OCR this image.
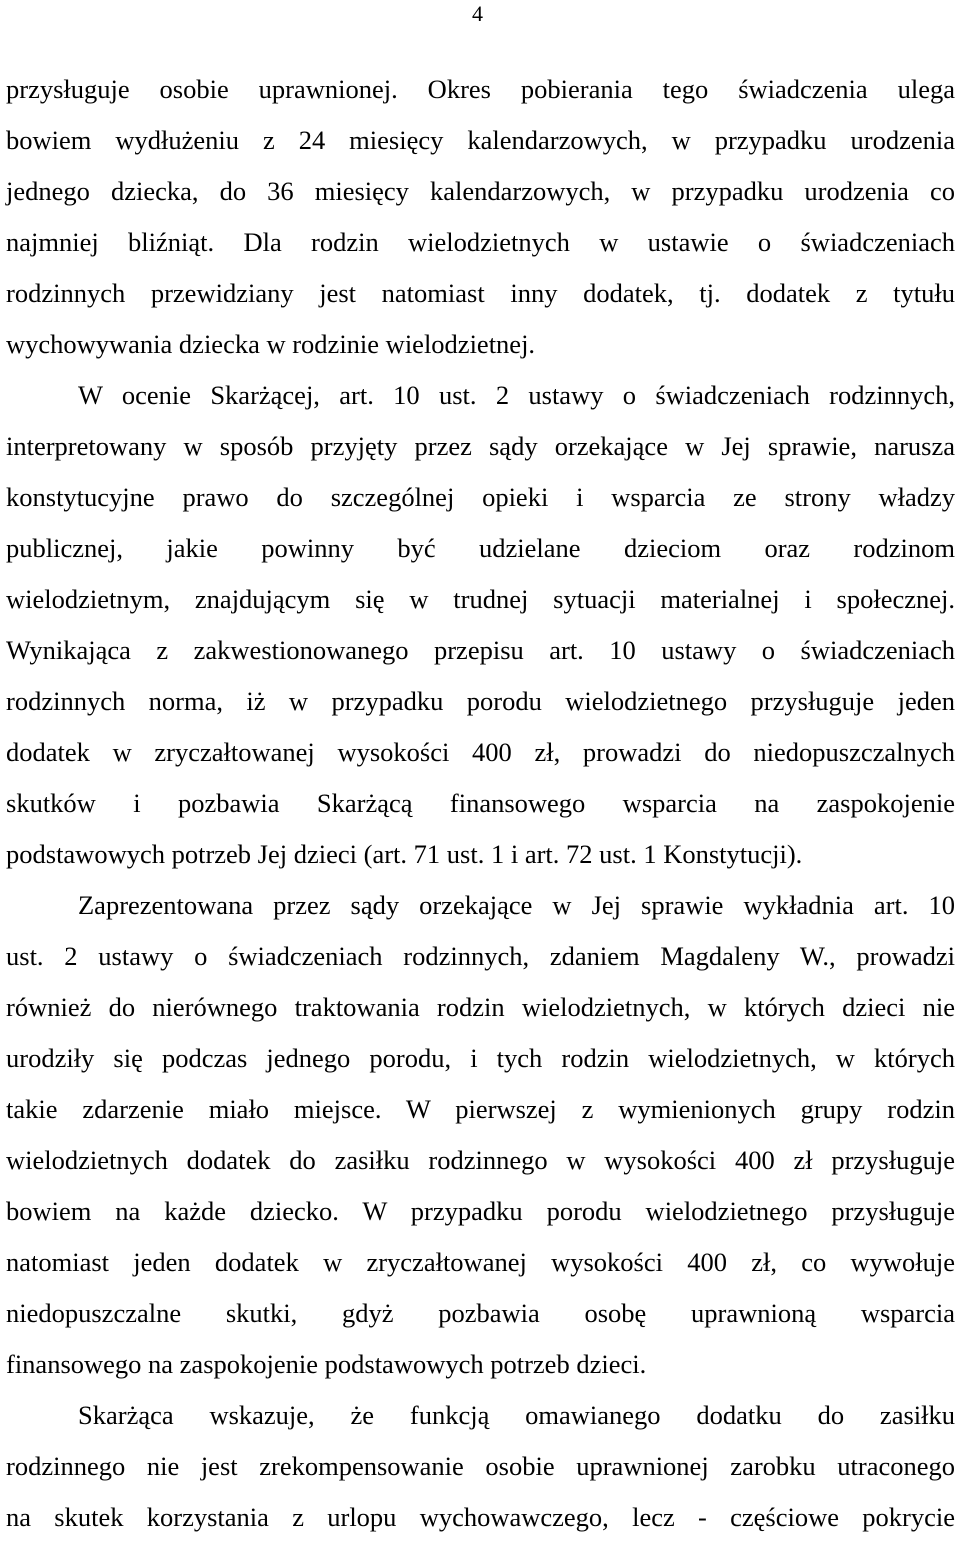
4
przysługuje osobie uprawnionej. Okres pobierania tego świadczenia ulega
bowiem wydłużeniu z 24 miesięcy kalendarzowych, w przypadku urodzenia
jednego dziecka, do 36 miesięcy kalendarzowych, w przypadku urodzenia co
najmniej bliźniąt. Dla rodzin wielodzietnych w ustawie o świadczeniach
rodzinnych przewidziany jest natomiast inny dodatek, tj. dodatek z tytułu
wychowywania dziecka w rodzinie wielodzietnej.
W ocenie Skarżącej, art. 10 ust. 2 ustawy o świadczeniach rodzinnych,
interpretowany w sposób przyjęty przez sądy orzekające w Jej sprawie, narusza
konstytucyjne prawo do szczególnej opieki i wsparcia ze strony władzy
publicznej, jakie powinny być udzielane dzieciom oraz rodzinom
wielodzietnym, znajdującym się w trudnej sytuacji materialnej i społecznej.
Wynikająca z zakwestionowanego przepisu art. 10 ustawy o świadczeniach
rodzinnych norma, iż w przypadku porodu wielodzietnego przysługuje jeden
dodatek w zryczałtowanej wysokości 400 zł, prowadzi do niedopuszczalnych
skutków i pozbawia Skarżącą finansowego wsparcia na zaspokojenie
podstawowych potrzeb Jej dzieci (art. 71 ust. 1 i art. 72 ust. 1 Konstytucji).
Zaprezentowana przez sądy orzekające w Jej sprawie wykładnia art. 10
ust. 2 ustawy o świadczeniach rodzinnych, zdaniem Magdaleny W., prowadzi
również do nierównego traktowania rodzin wielodzietnych, w których dzieci nie
urodziły się podczas jednego porodu, i tych rodzin wielodzietnych, w których
takie zdarzenie miało miejsce. W pierwszej z wymienionych grupy rodzin
wielodzietnych dodatek do zasiłku rodzinnego w wysokości 400 zł przysługuje
bowiem na każde dziecko. W przypadku porodu wielodzietnego przysługuje
natomiast jeden dodatek w zryczałtowanej wysokości 400 zł, co wywołuje
niedopuszczalne skutki, gdyż pozbawia osobę uprawnioną wsparcia
finansowego na zaspokojenie podstawowych potrzeb dzieci.
Skarżąca wskazuje, że funkcją omawianego dodatku do zasiłku
rodzinnego nie jest zrekompensowanie osobie uprawnionej zarobku utraconego
na skutek korzystania z urlopu wychowawczego, lecz - częściowe pokrycie
